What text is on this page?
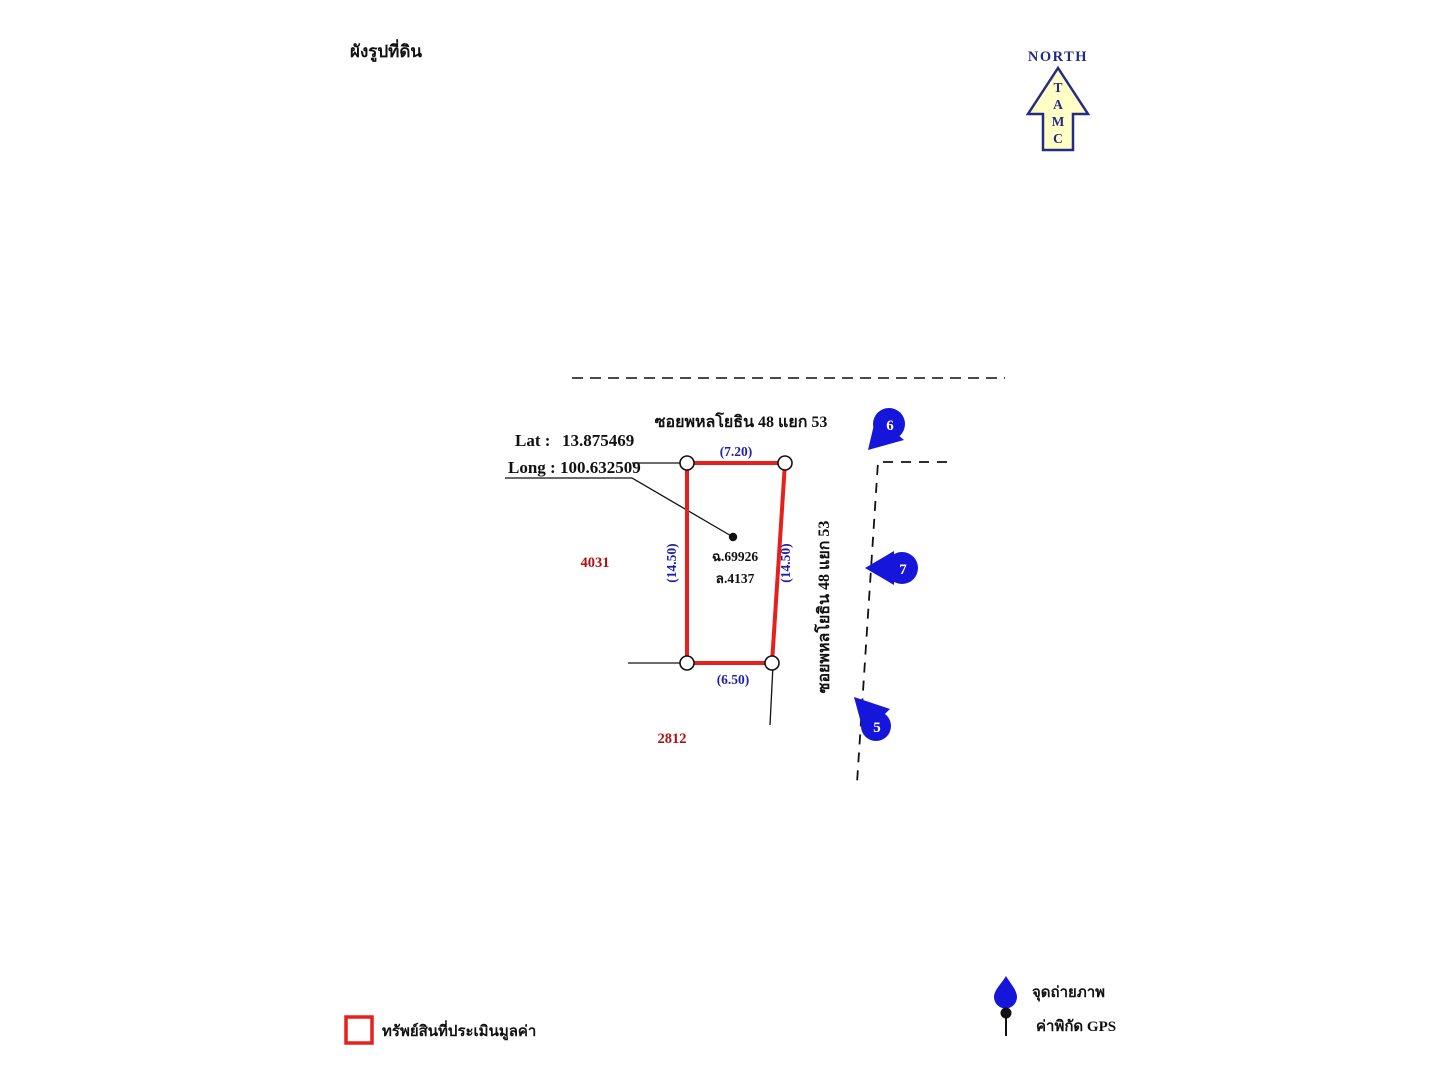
ผังรูปที่ดิน	NORTH
T
A
M
C
ซอยพหลโยธิน 48 แยก 53
Lat : 13.875469
Long : 100.632509
(7.20)
(14.50)	(14.50)
(6.50)
ฉ.69926
ล.4137
4031
2812
ซอยพหลโยธิน 48 แยก 53
6
7
5
ทรัพย์สินที่ประเมินมูลค่า
จุดถ่ายภาพ
ค่าพิกัด GPS
